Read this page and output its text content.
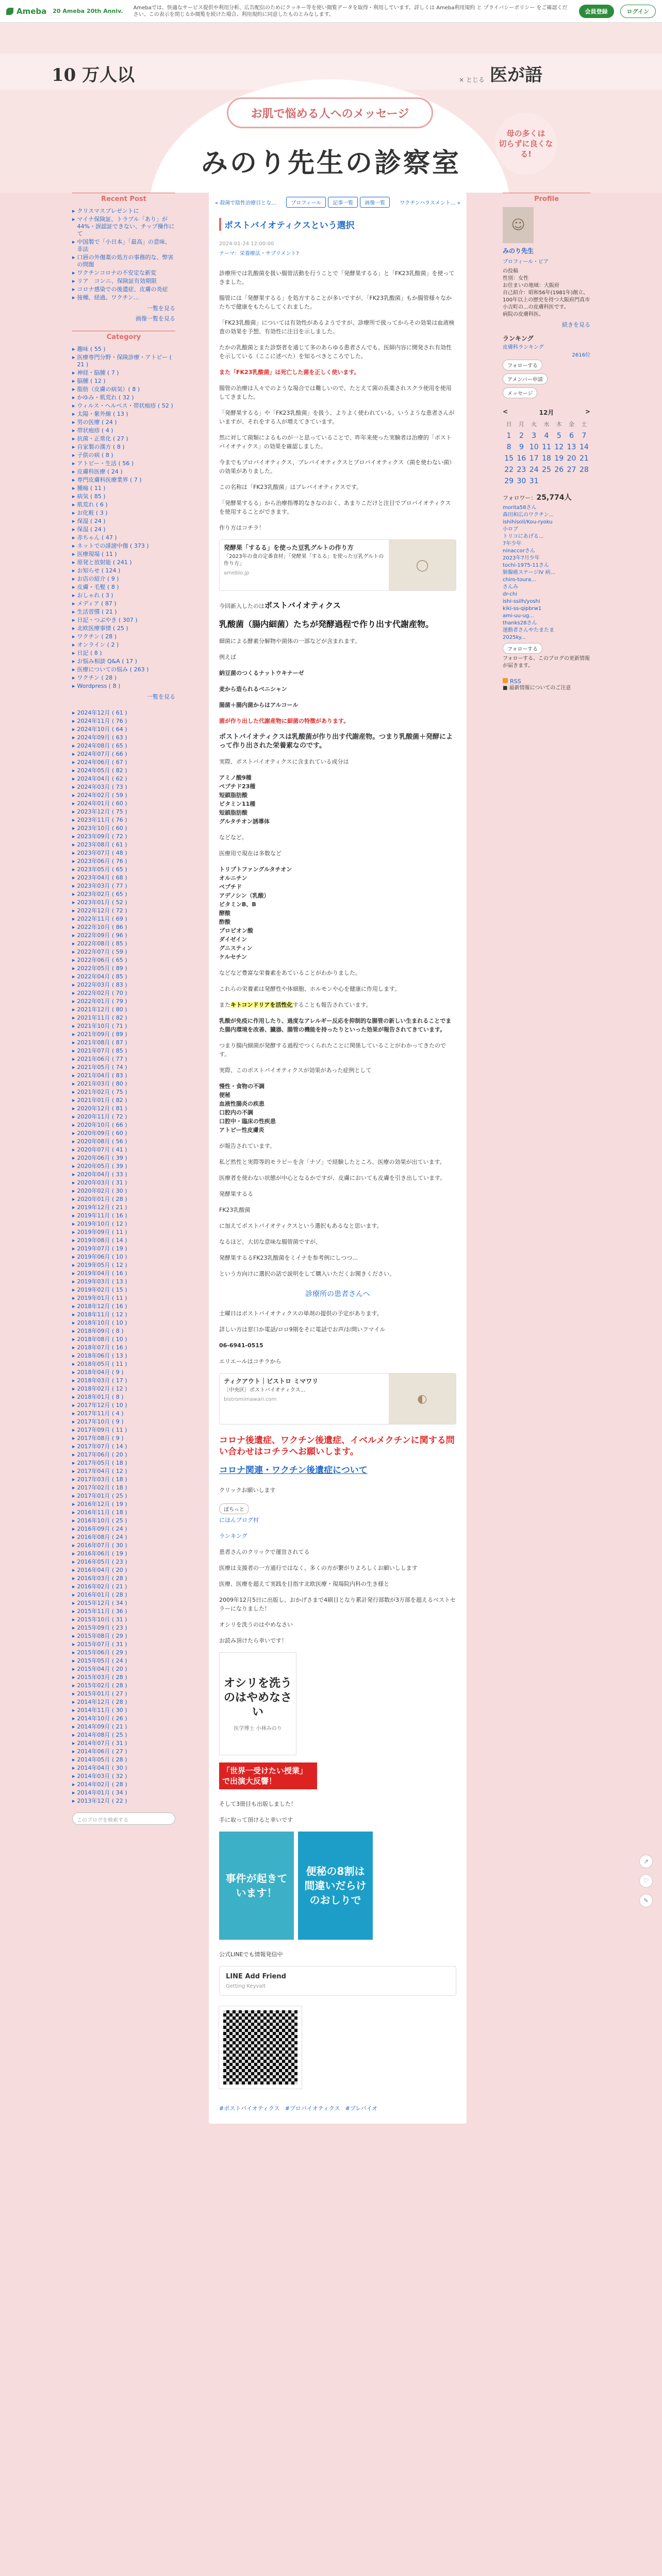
Ameba 20 Ameba 20th Anniv.	Amebaでは、快適なサービス提供や利用分析、広告配信のためにクッキー等を使い閲覧データを取得・利用しています。詳しくは Ameba利用規約 と プライバシーポリシー をご確認ください。この表示を閉じるか閲覧を続けた場合、利用規約に同意したものとみなします。	会員登録	ログイン
10 万人以	医が語
× とじる
お肌で悩める人へのメッセージ
みのり先生の診察室
母の多くは
切らずに良くなる!
Recent Post
▸ クリスマスプレゼントに
▸ マイナ保険証、トラブル「あり」が44%・誤認証できない、チップ操作にて
▸ 中国製で「小日本」「最高」の意味、非法
▸ 口唇の外傷薬の処方の事務的な、弊害の問題
▸ ワクチンコロナの不安定な新変
▸ リア　コンニ、保険証有効期限
▸ コロナ感染での後遺症、皮膚の炎症
▸ 接種、経過、ワクチン...
一覧を見る
画像一覧を見る
Category
▸ 趣味 ( 55 )
▸ 医療専門分野・保険診療・アトピー ( 21 )
▸ 神経・脳腫 ( 7 )
▸ 脳腫 ( 12 )
▸ 脂肪（皮膚の病気）( 8 )
▸ かゆみ・肌荒れ ( 32 )
▸ ウィルス・ヘルペス・帯状疱疹 ( 52 )
▸ 太陽・紫外線 ( 13 )
▸ 男の医療 ( 24 )
▸ 帯状疱疹 ( 4 )
▸ 抗菌・正常化 ( 27 )
▸ 自家製の漢方 ( 8 )
▸ 子供の病 ( 8 )
▸ アトピー・生活 ( 56 )
▸ 皮膚科医療 ( 24 )
▸ 専門皮膚科医療業界 ( 7 )
▸ 腫瘍 ( 11 )
▸ 病気 ( 85 )
▸ 肌荒れ ( 6 )
▸ お化粧 ( 3 )
▸ 保湿 ( 24 )
▸ 保湿 ( 24 )
▸ 赤ちゃん ( 47 )
▸ ネットでの誹謗中傷 ( 373 )
▸ 医療現場 ( 11 )
▸ 原発と放射能 ( 241 )
▸ お知らせ ( 124 )
▸ お店の紹介 ( 9 )
▸ 皮膚・毛髪 ( 8 )
▸ おしゃれ ( 3 )
▸ メディア ( 87 )
▸ 生活習慣 ( 21 )
▸ 日記・つぶやき ( 307 )
▸ 北欧医療事情 ( 25 )
▸ ワクチン ( 28 )
▸ オンライン ( 2 )
▸ 日記 ( 8 )
▸ お悩み相談 Q&A ( 17 )
▸ 医療についての悩み ( 263 )
▸ ワクチン ( 28 )
▸ Wordpress ( 8 )
一覧を見る
▸ 2024年12月 ( 61 )
▸ 2024年11月 ( 76 )
▸ 2024年10月 ( 64 )
▸ 2024年09月 ( 63 )
▸ 2024年08月 ( 65 )
▸ 2024年07月 ( 66 )
▸ 2024年06月 ( 67 )
▸ 2024年05月 ( 82 )
▸ 2024年04月 ( 62 )
▸ 2024年03月 ( 73 )
▸ 2024年02月 ( 59 )
▸ 2024年01月 ( 60 )
▸ 2023年12月 ( 75 )
▸ 2023年11月 ( 76 )
▸ 2023年10月 ( 60 )
▸ 2023年09月 ( 72 )
▸ 2023年08月 ( 61 )
▸ 2023年07月 ( 48 )
▸ 2023年06月 ( 76 )
▸ 2023年05月 ( 65 )
▸ 2023年04月 ( 68 )
▸ 2023年03月 ( 77 )
▸ 2023年02月 ( 65 )
▸ 2023年01月 ( 52 )
▸ 2022年12月 ( 72 )
▸ 2022年11月 ( 69 )
▸ 2022年10月 ( 86 )
▸ 2022年09月 ( 96 )
▸ 2022年08月 ( 85 )
▸ 2022年07月 ( 59 )
▸ 2022年06月 ( 65 )
▸ 2022年05月 ( 89 )
▸ 2022年04月 ( 85 )
▸ 2022年03月 ( 83 )
▸ 2022年02月 ( 70 )
▸ 2022年01月 ( 79 )
▸ 2021年12月 ( 80 )
▸ 2021年11月 ( 82 )
▸ 2021年10月 ( 71 )
▸ 2021年09月 ( 89 )
▸ 2021年08月 ( 87 )
▸ 2021年07月 ( 85 )
▸ 2021年06月 ( 77 )
▸ 2021年05月 ( 74 )
▸ 2021年04月 ( 83 )
▸ 2021年03月 ( 80 )
▸ 2021年02月 ( 75 )
▸ 2021年01月 ( 82 )
▸ 2020年12月 ( 81 )
▸ 2020年11月 ( 72 )
▸ 2020年10月 ( 66 )
▸ 2020年09月 ( 60 )
▸ 2020年08月 ( 56 )
▸ 2020年07月 ( 41 )
▸ 2020年06月 ( 39 )
▸ 2020年05月 ( 39 )
▸ 2020年04月 ( 33 )
▸ 2020年03月 ( 31 )
▸ 2020年02月 ( 30 )
▸ 2020年01月 ( 28 )
▸ 2019年12月 ( 21 )
▸ 2019年11月 ( 16 )
▸ 2019年10月 ( 12 )
▸ 2019年09月 ( 11 )
▸ 2019年08月 ( 14 )
▸ 2019年07月 ( 19 )
▸ 2019年06月 ( 10 )
▸ 2019年05月 ( 12 )
▸ 2019年04月 ( 16 )
▸ 2019年03月 ( 13 )
▸ 2019年02月 ( 15 )
▸ 2019年01月 ( 11 )
▸ 2018年12月 ( 16 )
▸ 2018年11月 ( 12 )
▸ 2018年10月 ( 10 )
▸ 2018年09月 ( 8 )
▸ 2018年08月 ( 10 )
▸ 2018年07月 ( 16 )
▸ 2018年06月 ( 13 )
▸ 2018年05月 ( 11 )
▸ 2018年04月 ( 9 )
▸ 2018年03月 ( 17 )
▸ 2018年02月 ( 12 )
▸ 2018年01月 ( 8 )
▸ 2017年12月 ( 10 )
▸ 2017年11月 ( 4 )
▸ 2017年10月 ( 9 )
▸ 2017年09月 ( 11 )
▸ 2017年08月 ( 9 )
▸ 2017年07月 ( 14 )
▸ 2017年06月 ( 20 )
▸ 2017年05月 ( 18 )
▸ 2017年04月 ( 12 )
▸ 2017年03月 ( 18 )
▸ 2017年02月 ( 18 )
▸ 2017年01月 ( 25 )
▸ 2016年12月 ( 19 )
▸ 2016年11月 ( 18 )
▸ 2016年10月 ( 25 )
▸ 2016年09月 ( 24 )
▸ 2016年08月 ( 24 )
▸ 2016年07月 ( 30 )
▸ 2016年06月 ( 19 )
▸ 2016年05月 ( 23 )
▸ 2016年04月 ( 20 )
▸ 2016年03月 ( 28 )
▸ 2016年02月 ( 21 )
▸ 2016年01月 ( 28 )
▸ 2015年12月 ( 34 )
▸ 2015年11月 ( 36 )
▸ 2015年10月 ( 31 )
▸ 2015年09月 ( 23 )
▸ 2015年08月 ( 29 )
▸ 2015年07月 ( 31 )
▸ 2015年06月 ( 29 )
▸ 2015年05月 ( 24 )
▸ 2015年04月 ( 20 )
▸ 2015年03月 ( 28 )
▸ 2015年02月 ( 28 )
▸ 2015年01月 ( 27 )
▸ 2014年12月 ( 28 )
▸ 2014年11月 ( 30 )
▸ 2014年10月 ( 26 )
▸ 2014年09月 ( 21 )
▸ 2014年08月 ( 25 )
▸ 2014年07月 ( 31 )
▸ 2014年06月 ( 27 )
▸ 2014年05月 ( 28 )
▸ 2014年04月 ( 30 )
▸ 2014年03月 ( 32 )
▸ 2014年02月 ( 28 )
▸ 2014年01月 ( 34 )
▸ 2013年12月 ( 22 )
このブログを検索する
« 殺菌で陰性治療目とな…	プロフィール	記事一覧	画像一覧	ワクチンハラスメント… »
ポストバイオティクスという選択
2024-01-24 12:00:00
テーマ：栄養療法・サプリメント?

診療所では乳酸菌を扱い腸管活動を行うことで「発酵果するる」と「FK23乳酸菌」を使ってきました。

腸管には「発酵果するる」を処方することが多いですが、「FK23乳酸菌」もか腸管様々なかたちで健康をもたらしてくれました。

「FK23乳酸菌」については有効性があるようですが、診療所で扱ってからその効果は血液検査の効果を予想、有効性に注目を示しました。

たかの乳酸菌とまた診察者を通じて多のあらゆる患者さんでも、医師内容に開発され有効性を示している（ここに述べた）を知るべきところでした。

また「FK23乳酸菌」は死亡した菌を正しく使います。

腸管の治療は人々でのような場合では難しいので、たとえて菌の長薬されスクラ使用を使用してきました。

「発酵果するる」や「FK23乳酸菌」を扱う、よりよく使われている。いうような患者さんがいますが、それをする人が増えてきています。

然に対して菌類によるものが一と思っていることで、昨年来使った実験者は治療的「ポストバイオティクス」の効果を確認しました。

今までもプロバイオティクス、プレバイオティクスとプロバイオティクス（菌を使わない菌）の効果がありました。

この名称は「FK23乳酸菌」はプレバイオティクスです。

「発酵果するる」から治療指導的なきなのおく、あまりこだけと注目でプロバイオティクスを使用することができます。

作り方はコチラ！

発酵果「するる」を使った豆乳グルトの作り方
「2023年の食の定番食材」「発酵果「するる」を使った豆乳グルトの作り方」
ameblo.jp
◯

今回新入したのはポストバイオティクス

乳酸菌（腸内細菌）たちが発酵過程で作り出す代謝産物。

細菌による酵素分解物や菌体の一部などが含まれます。

例えば

納豆菌のつくるナットウキナーゼ

麦から造られるベニシャン

腸菌＋腸内菌からはアルコール

菌が作り出した代謝産物に細菌の特徴があります。

ポストバイオティクスは乳酸菌が作り出す代謝産物。つまり乳酸菌＋発酵によって作り出された栄養素なのです。

実際、ポストバイオティクスに含まれている成分は

アミノ酸9種
ペプチド23種
短鎖脂肪酸
ビタミン11種
短鎖脂肪酸
グルタチオン誘導体

などなど。

医療用で現在は多数など

トリプトファングルタチオン
オルニチン
ペプチド
アデノシン（乳酸）
ビタミンB、B
酵酸
酢酸
プロピオン酸
ダイゼイン
グニスティン
ケルセチン

などなど豊富な栄養素をあていることがわかりました。

これらの栄養素は発酵性や体細胞、ホルモンや心を健康に作用します。

またキトコンドリアを活性化することも報告されています。

乳酸が免疫に作用したり、過度なアレルギー反応を抑制的な腸管の新しい生まれることでまた腸内環境を改善、臓器、腸管の機能を持ったりといった効果が報告されてきています。

つまり腸内細菌が発酵する過程でつくられたことに関係していることがわかってきたのです。

実際、このポストバイオティクスが効果があった症例として

慢性・食物の不調
便秘
血液性腸炎の疾患
口腔内の不調
口腔中・臨床の性疾患
アトピー性皮膚炎

が報告されています。

私ど然性と実際等的モラビーを含「ナゾ」で経験したところ、医療の効果が出ています。

医療者を使わない状態が中心となるかですが、皮膚においても皮膚を引き出しています。

発酵果するる

FK23乳酸菌

に加えてポストバイオティクスという選択もあるなと思います。

なるほど、大切な意味な腸管菌ですが、

発酵果するるFK23乳酸菌をミイナを参考例にしつつ…

という方向けに選択の話で説明をして購入いただくお聞きください。

診療所の患者さんへ

土曜日はポストバイオティクスの単剤の提供の予定があります。

詳しい方は窓口か電話/ロロ9期をそに電話でお声/お問いフマイル

06-6941-0515

エリエールはコチラから

ティクアウト｜ビストロ ミマワリ
〔中央区〕ポストバイオティクス...
bistromimawari.com	◐
コロナ後遺症、ワクチン後遺症、イベルメクチンに関する問い合わせはコチラへお願いします。
コロナ関連・ワクチン後遺症について

クリックお願いします

ぽちっと

にほんブログ村

ランキング

患者さんのクリックで運営されてる

医療は支援者の一方通行ではなく、多くの方が繋がりよろしくお願いしします

医療、医療を超えて実践を目指す北欧医療・現場院内科の生き様と

2009年12月5日に出版し、おかげさまで4刷目となり累計発行部数が3万部を超えるベストセラーになりました！

オシリを洗うのはやめなさい

お読み頂けたら幸いです！

オシリを洗うのはやめなさい
医学博士 小林みのり
「世界一受けたい授業」で出演大反響！

そして3冊目も出版しました！

手に取って頂けると幸いです

事件が起きています！
便秘の8割は間違いだらけのおしりで

公式LINEでも情報発信中

LINE Add Friend
Getting Keyvalt
#ポストバイオティクス #プロバイオティクス #プレバイオ
Profile
☺
みのり先生
プロフィール・ピア
の投稿
性別：女性
お住まいの地域：大阪府
自己紹介：昭和56年(1981年)創立、100年以上の歴史を持つ大阪府門真市小吉町の...の皮膚科医です。
病院の皮膚科医。
続きを見る
ランキング
皮膚科ランキング
2616位
フォローする
アメンバー申請
メッセージ
<	12月	>
日	月	火	水	木	金	土
1	2	3	4	5	6	7
8	9 10 11 12 13 14
15 16 17 18 19 20 21
22 23 24 25 26 27 28
29 30 31
フォロワー：25,774人
morita58さん
森田和広のワクチン...
ishihisoll/Kou-ryoku
小ロブ
トリコにあげる...
7年少年
ninaccorさん
2023年7月少年
tochi-1975-11さん
肺腺癌ステージIV 病...
chiro-toura...
さんみ
dr-chi
ishi-ssilh/yoshi
kiki-ss-qipbrw1
ami-uu-ug...
thanks28さん
運動者さんやたまたま
2025ky...
フォローする
フォローする、このブログの更新情報が届きます。
RSS
■ 最新情報についてのご注意
↗
♡
✎
